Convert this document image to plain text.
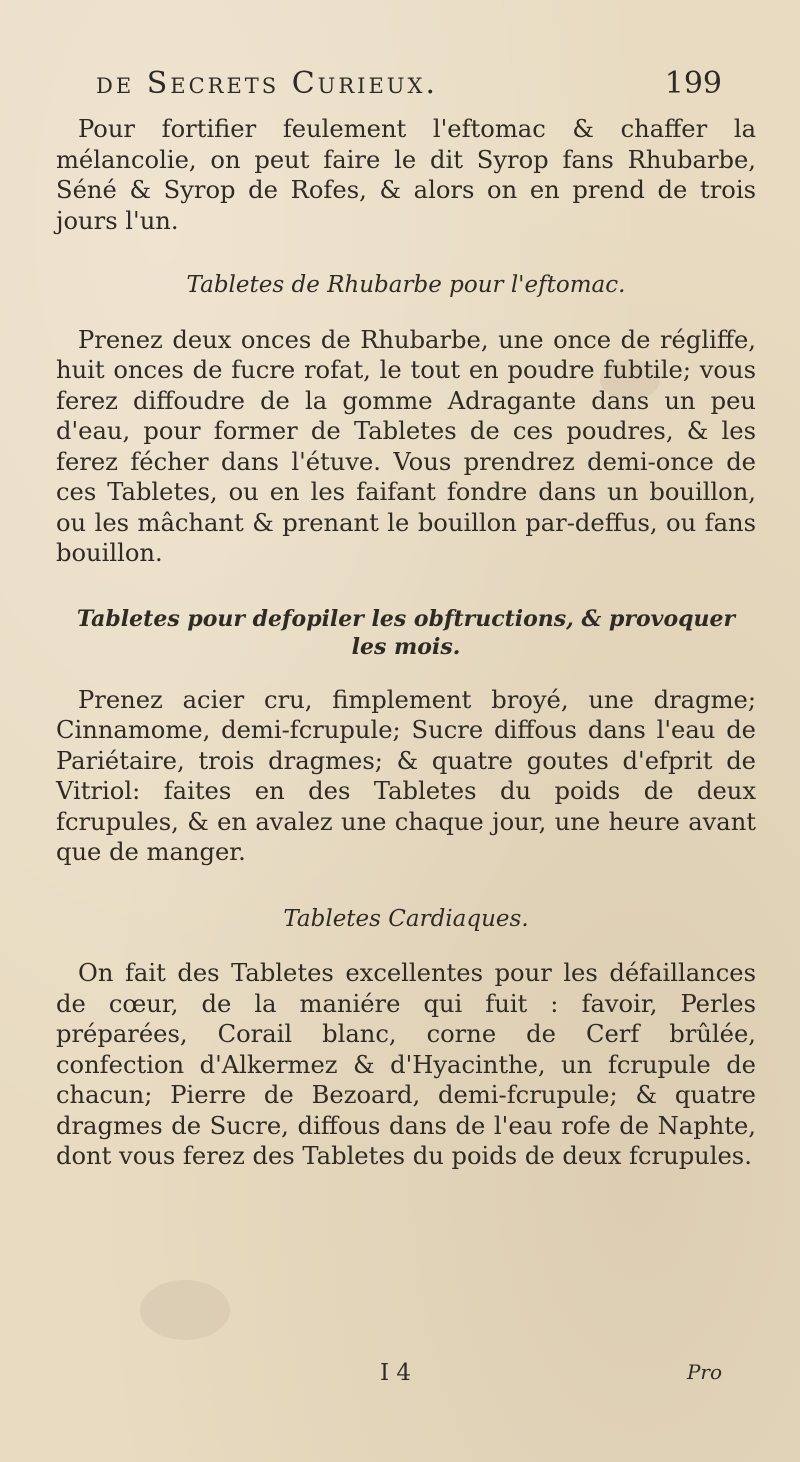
de Secrets Curieux.	199

Pour fortifier feulement l'eftomac & chaffer la mélancolie, on peut faire le dit Syrop fans Rhubarbe, Séné & Syrop de Rofes, & alors on en prend de trois jours l'un.

Tabletes de Rhubarbe pour l'eftomac.

Prenez deux onces de Rhubarbe, une once de régliffe, huit onces de fucre rofat, le tout en poudre fubtile; vous ferez diffoudre de la gomme Adragante dans un peu d'eau, pour former de Tabletes de ces poudres, & les ferez fécher dans l'étuve. Vous prendrez demi-once de ces Tabletes, ou en les faifant fondre dans un bouillon, ou les mâchant & prenant le bouillon par-deffus, ou fans bouillon.

Tabletes pour defopiler les obftructions, & provoquer
les mois.

Prenez acier cru, fimplement broyé, une dragme; Cinnamome, demi-fcrupule; Sucre diffous dans l'eau de Pariétaire, trois dragmes; & quatre goutes d'efprit de Vitriol: faites en des Tabletes du poids de deux fcrupules, & en avalez une chaque jour, une heure avant que de manger.

Tabletes Cardiaques.

On fait des Tabletes excellentes pour les défaillances de cœur, de la maniére qui fuit : favoir, Perles préparées, Corail blanc, corne de Cerf brûlée, confection d'Alkermez & d'Hyacinthe, un fcrupule de chacun; Pierre de Bezoard, demi-fcrupule; & quatre dragmes de Sucre, diffous dans de l'eau rofe de Naphte, dont vous ferez des Tabletes du poids de deux fcrupules.

I 4	Pro
